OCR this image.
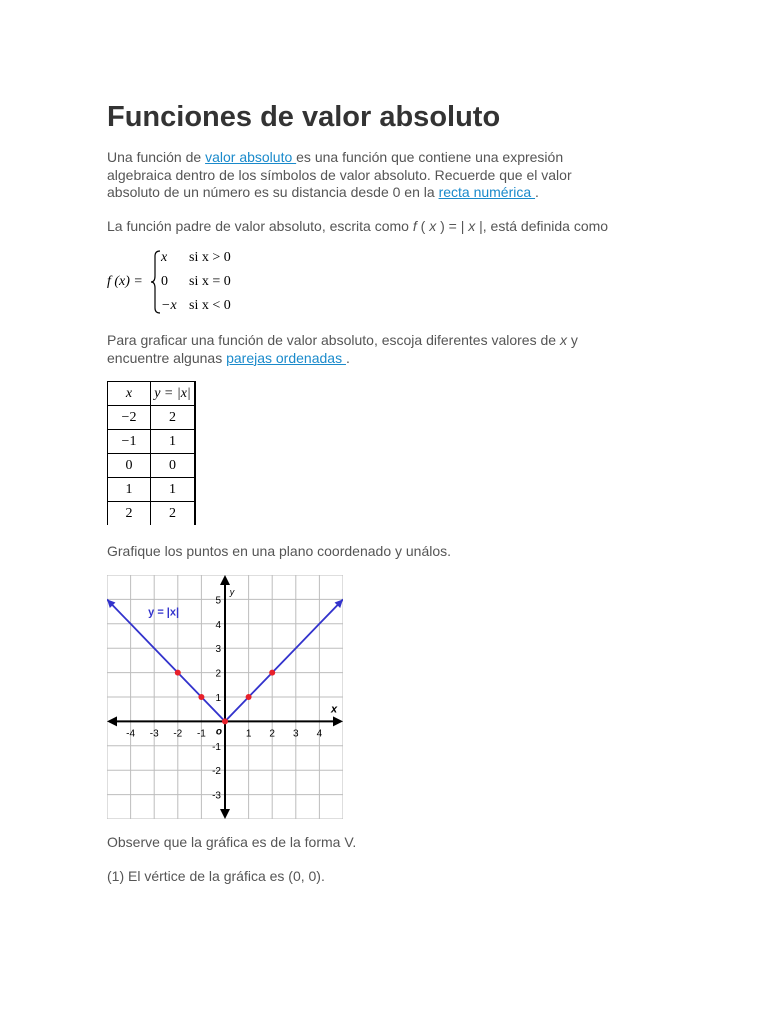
Funciones de valor absoluto

Una función de valor absoluto es una función que contiene una expresión algebraica dentro de los símbolos de valor absoluto. Recuerde que el valor absoluto de un número es su distancia desde 0 en la recta numérica .

La función padre de valor absoluto, escrita como f ( x ) = | x |, está definida como

f (x) =
x si x > 0
0 si x = 0
−x si x < 0

Para graficar una función de valor absoluto, escoja diferentes valores de x y encuentre algunas parejas ordenadas .

x	y = |x|
−2	2
−1	1
0	0
1	1
2	2

Grafique los puntos en una plano coordenado y unálos.

Observe que la gráfica es de la forma V.

(1) El vértice de la gráfica es (0, 0).

-4 -3 -2 -1	1 2 3 4
5
4
3
2
1
-1
-2
-3
o
x
y
y = |x|
